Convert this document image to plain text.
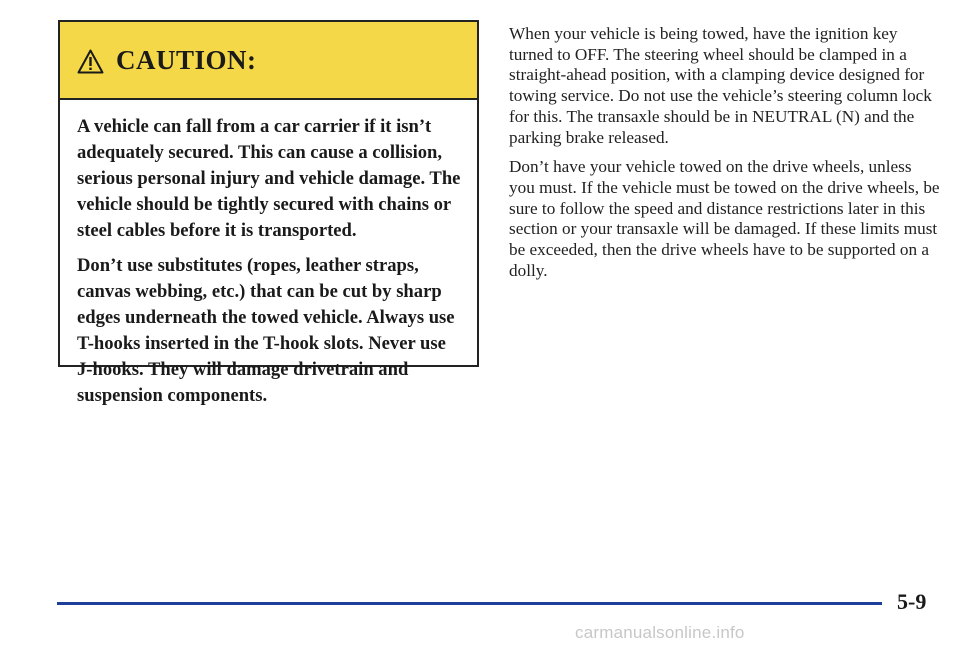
CAUTION:

A vehicle can fall from a car carrier if it isn’t adequately secured. This can cause a collision, serious personal injury and vehicle damage. The vehicle should be tightly secured with chains or steel cables before it is transported.

Don’t use substitutes (ropes, leather straps, canvas webbing, etc.) that can be cut by sharp edges underneath the towed vehicle. Always use T-hooks inserted in the T-hook slots. Never use J-hooks. They will damage drivetrain and suspension components.

When your vehicle is being towed, have the ignition key turned to OFF. The steering wheel should be clamped in a straight-ahead position, with a clamping device designed for towing service. Do not use the vehicle’s steering column lock for this. The transaxle should be in NEUTRAL (N) and the parking brake released.

Don’t have your vehicle towed on the drive wheels, unless you must. If the vehicle must be towed on the drive wheels, be sure to follow the speed and distance restrictions later in this section or your transaxle will be damaged. If these limits must be exceeded, then the drive wheels have to be supported on a dolly.

5-9
carmanualsonline.info
